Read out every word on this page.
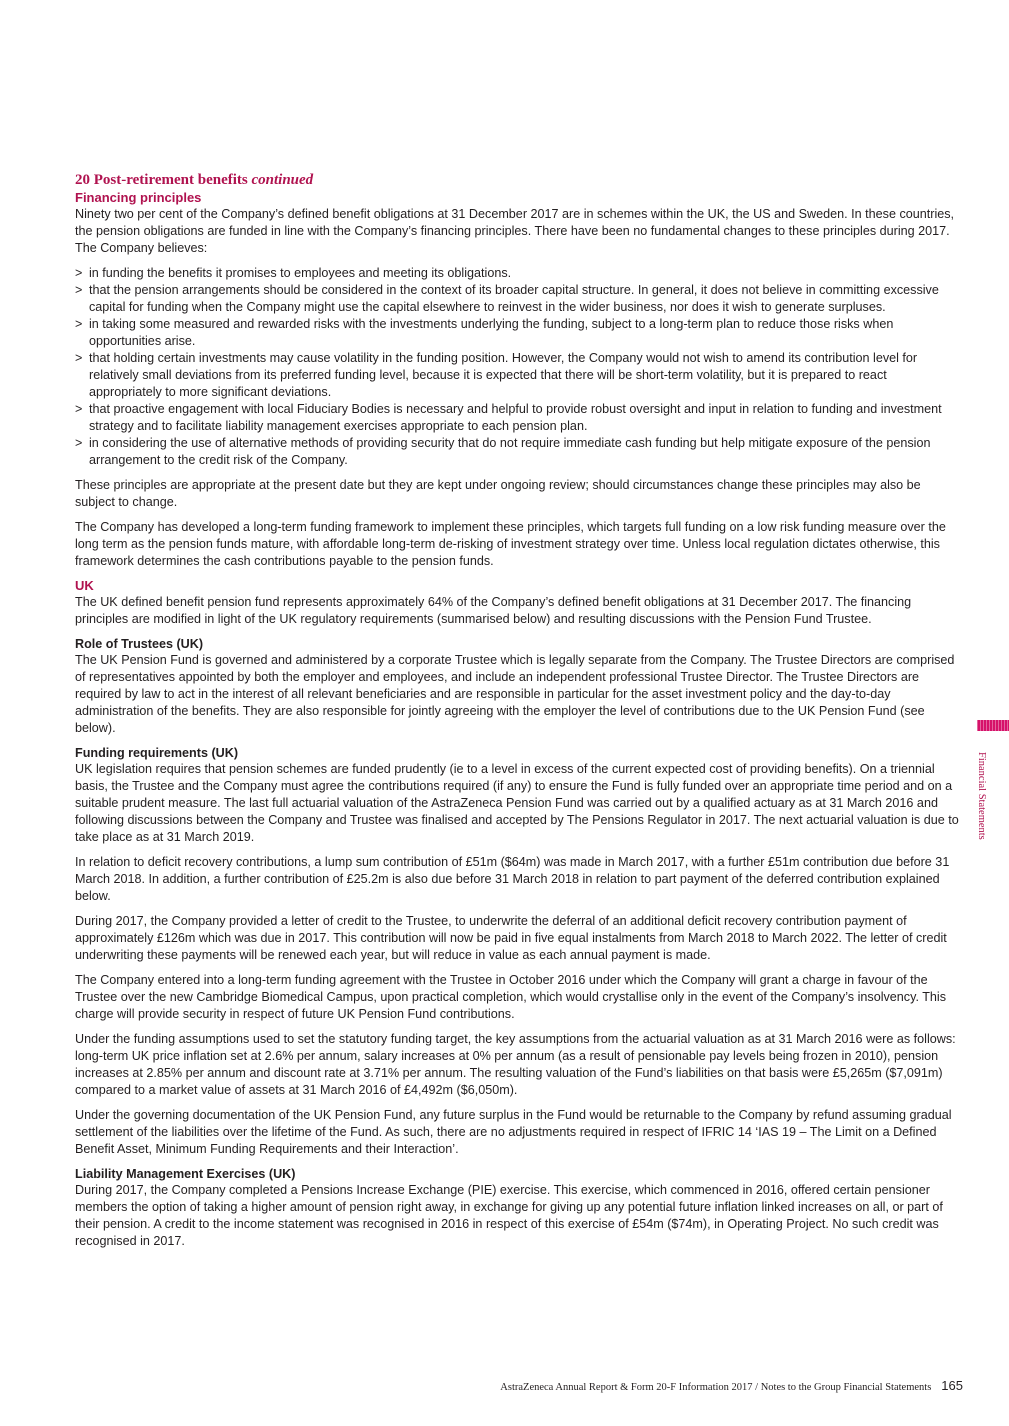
20 Post-retirement benefits continued
Financing principles

Ninety two per cent of the Company’s defined benefit obligations at 31 December 2017 are in schemes within the UK, the US and Sweden. In these countries, the pension obligations are funded in line with the Company’s financing principles. There have been no fundamental changes to these principles during 2017. The Company believes:

> in funding the benefits it promises to employees and meeting its obligations.
> that the pension arrangements should be considered in the context of its broader capital structure. In general, it does not believe in committing excessive capital for funding when the Company might use the capital elsewhere to reinvest in the wider business, nor does it wish to generate surpluses.
> in taking some measured and rewarded risks with the investments underlying the funding, subject to a long-term plan to reduce those risks when opportunities arise.
> that holding certain investments may cause volatility in the funding position. However, the Company would not wish to amend its contribution level for relatively small deviations from its preferred funding level, because it is expected that there will be short-term volatility, but it is prepared to react appropriately to more significant deviations.
> that proactive engagement with local Fiduciary Bodies is necessary and helpful to provide robust oversight and input in relation to funding and investment strategy and to facilitate liability management exercises appropriate to each pension plan.
> in considering the use of alternative methods of providing security that do not require immediate cash funding but help mitigate exposure of the pension arrangement to the credit risk of the Company.

These principles are appropriate at the present date but they are kept under ongoing review; should circumstances change these principles may also be subject to change.

The Company has developed a long-term funding framework to implement these principles, which targets full funding on a low risk funding measure over the long term as the pension funds mature, with affordable long-term de-risking of investment strategy over time. Unless local regulation dictates otherwise, this framework determines the cash contributions payable to the pension funds.

UK

The UK defined benefit pension fund represents approximately 64% of the Company’s defined benefit obligations at 31 December 2017. The financing principles are modified in light of the UK regulatory requirements (summarised below) and resulting discussions with the Pension Fund Trustee.

Role of Trustees (UK)

The UK Pension Fund is governed and administered by a corporate Trustee which is legally separate from the Company. The Trustee Directors are comprised of representatives appointed by both the employer and employees, and include an independent professional Trustee Director. The Trustee Directors are required by law to act in the interest of all relevant beneficiaries and are responsible in particular for the asset investment policy and the day-to-day administration of the benefits. They are also responsible for jointly agreeing with the employer the level of contributions due to the UK Pension Fund (see below).

Funding requirements (UK)

UK legislation requires that pension schemes are funded prudently (ie to a level in excess of the current expected cost of providing benefits). On a triennial basis, the Trustee and the Company must agree the contributions required (if any) to ensure the Fund is fully funded over an appropriate time period and on a suitable prudent measure. The last full actuarial valuation of the AstraZeneca Pension Fund was carried out by a qualified actuary as at 31 March 2016 and following discussions between the Company and Trustee was finalised and accepted by The Pensions Regulator in 2017. The next actuarial valuation is due to take place as at 31 March 2019.

In relation to deficit recovery contributions, a lump sum contribution of £51m ($64m) was made in March 2017, with a further £51m contribution due before 31 March 2018. In addition, a further contribution of £25.2m is also due before 31 March 2018 in relation to part payment of the deferred contribution explained below.

During 2017, the Company provided a letter of credit to the Trustee, to underwrite the deferral of an additional deficit recovery contribution payment of approximately £126m which was due in 2017. This contribution will now be paid in five equal instalments from March 2018 to March 2022. The letter of credit underwriting these payments will be renewed each year, but will reduce in value as each annual payment is made.

The Company entered into a long-term funding agreement with the Trustee in October 2016 under which the Company will grant a charge in favour of the Trustee over the new Cambridge Biomedical Campus, upon practical completion, which would crystallise only in the event of the Company’s insolvency. This charge will provide security in respect of future UK Pension Fund contributions.

Under the funding assumptions used to set the statutory funding target, the key assumptions from the actuarial valuation as at 31 March 2016 were as follows: long-term UK price inflation set at 2.6% per annum, salary increases at 0% per annum (as a result of pensionable pay levels being frozen in 2010), pension increases at 2.85% per annum and discount rate at 3.71% per annum. The resulting valuation of the Fund’s liabilities on that basis were £5,265m ($7,091m) compared to a market value of assets at 31 March 2016 of £4,492m ($6,050m).

Under the governing documentation of the UK Pension Fund, any future surplus in the Fund would be returnable to the Company by refund assuming gradual settlement of the liabilities over the lifetime of the Fund. As such, there are no adjustments required in respect of IFRIC 14 ‘IAS 19 – The Limit on a Defined Benefit Asset, Minimum Funding Requirements and their Interaction’.

Liability Management Exercises (UK)

During 2017, the Company completed a Pensions Increase Exchange (PIE) exercise. This exercise, which commenced in 2016, offered certain pensioner members the option of taking a higher amount of pension right away, in exchange for giving up any potential future inflation linked increases on all, or part of their pension. A credit to the income statement was recognised in 2016 in respect of this exercise of £54m ($74m), in Operating Project. No such credit was recognised in 2017.

Financial Statements
AstraZeneca Annual Report & Form 20-F Information 2017 / Notes to the Group Financial Statements 165
